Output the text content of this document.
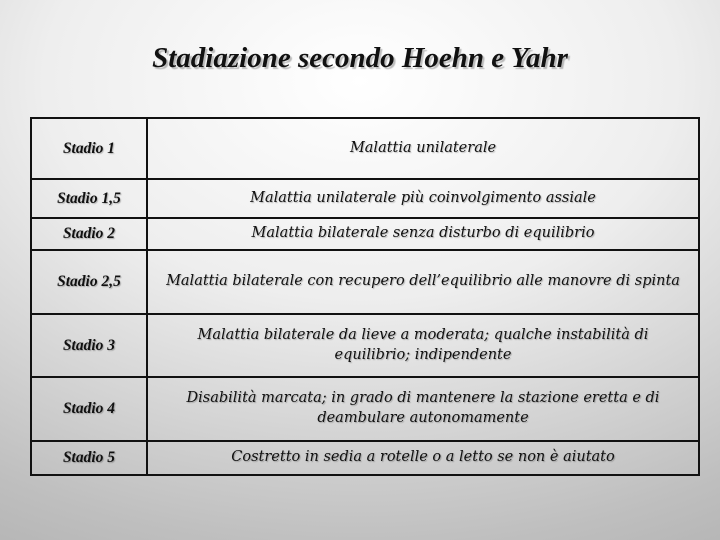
Stadiazione secondo Hoehn e Yahr
Stadio 1	Malattia unilaterale
Stadio 1,5	Malattia unilaterale più coinvolgimento assiale
Stadio 2	Malattia bilaterale senza disturbo di equilibrio
Stadio 2,5	Malattia bilaterale con recupero dell’equilibrio alle manovre di spinta
Stadio 3	Malattia bilaterale da lieve a moderata; qualche instabilità di equilibrio; indipendente
Stadio 4	Disabilità marcata; in grado di mantenere la stazione eretta e di deambulare autonomamente
Stadio 5	Costretto in sedia a rotelle o a letto se non è aiutato
